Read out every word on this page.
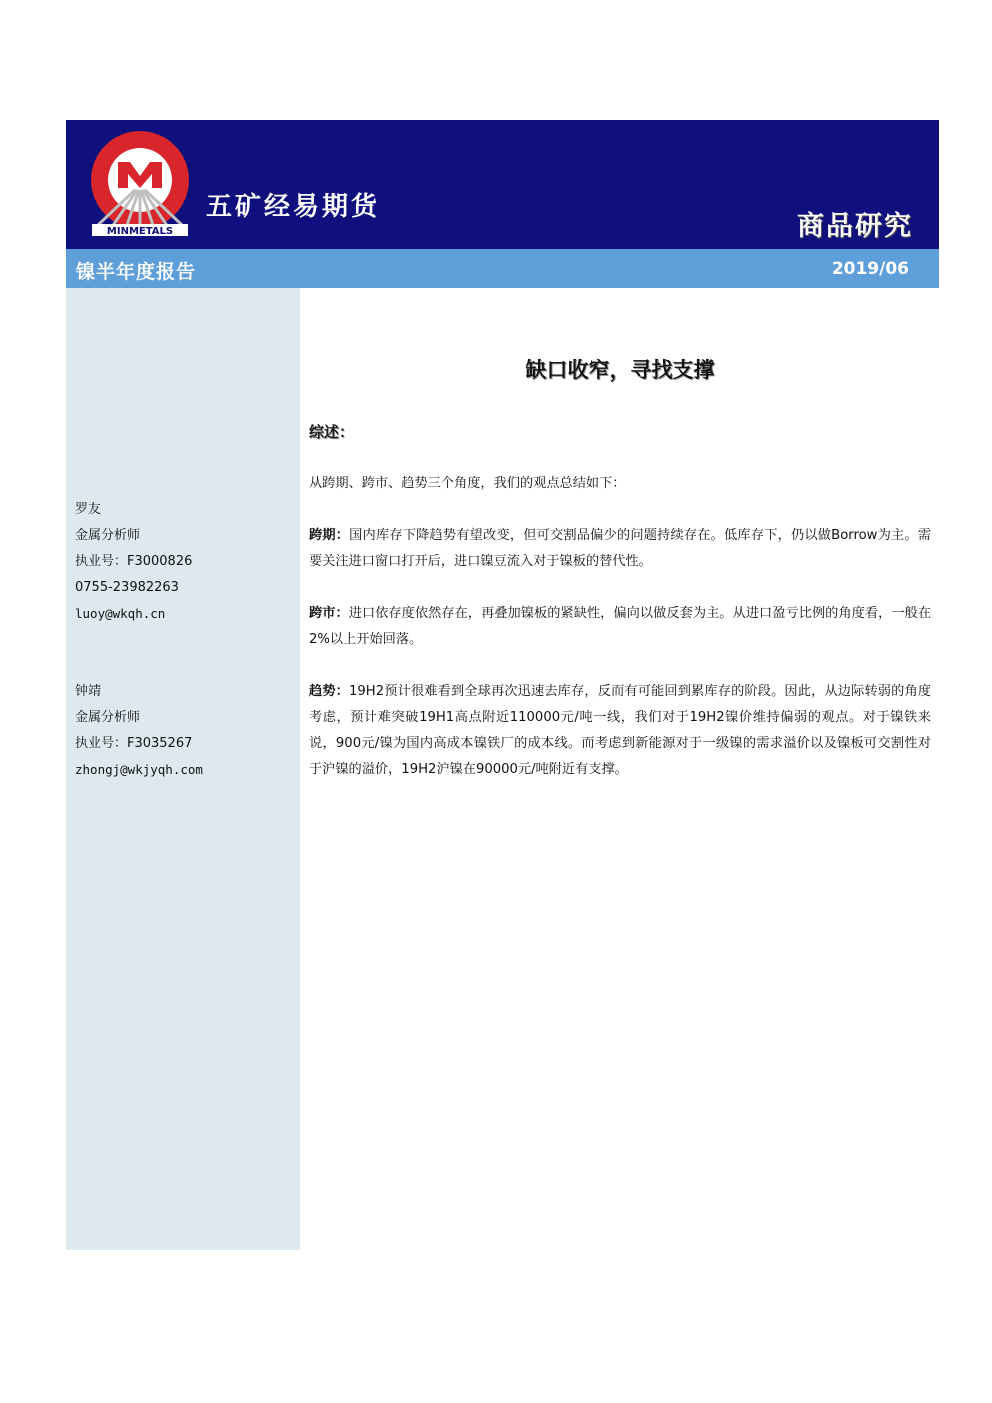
MINMETALS
五矿经易期货
商品研究
镍半年度报告	2019/06
罗友
金属分析师
执业号：F3000826
0755-23982263
luoy@wkqh.cn
钟靖
金属分析师
执业号：F3035267
zhongj@wkjyqh.com
缺口收窄，寻找支撑
综述：
从跨期、跨市、趋势三个角度，我们的观点总结如下：
跨期：国内库存下降趋势有望改变，但可交割品偏少的问题持续存在。低库存下，仍以做Borrow为主。需要关注进口窗口打开后，进口镍豆流入对于镍板的替代性。
跨市：进口依存度依然存在，再叠加镍板的紧缺性，偏向以做反套为主。从进口盈亏比例的角度看，一般在2%以上开始回落。
趋势：19H2预计很难看到全球再次迅速去库存，反而有可能回到累库存的阶段。因此，从边际转弱的角度考虑，预计难突破19H1高点附近110000元/吨一线，我们对于19H2镍价维持偏弱的观点。对于镍铁来说，900元/镍为国内高成本镍铁厂的成本线。而考虑到新能源对于一级镍的需求溢价以及镍板可交割性对于沪镍的溢价，19H2沪镍在90000元/吨附近有支撑。
